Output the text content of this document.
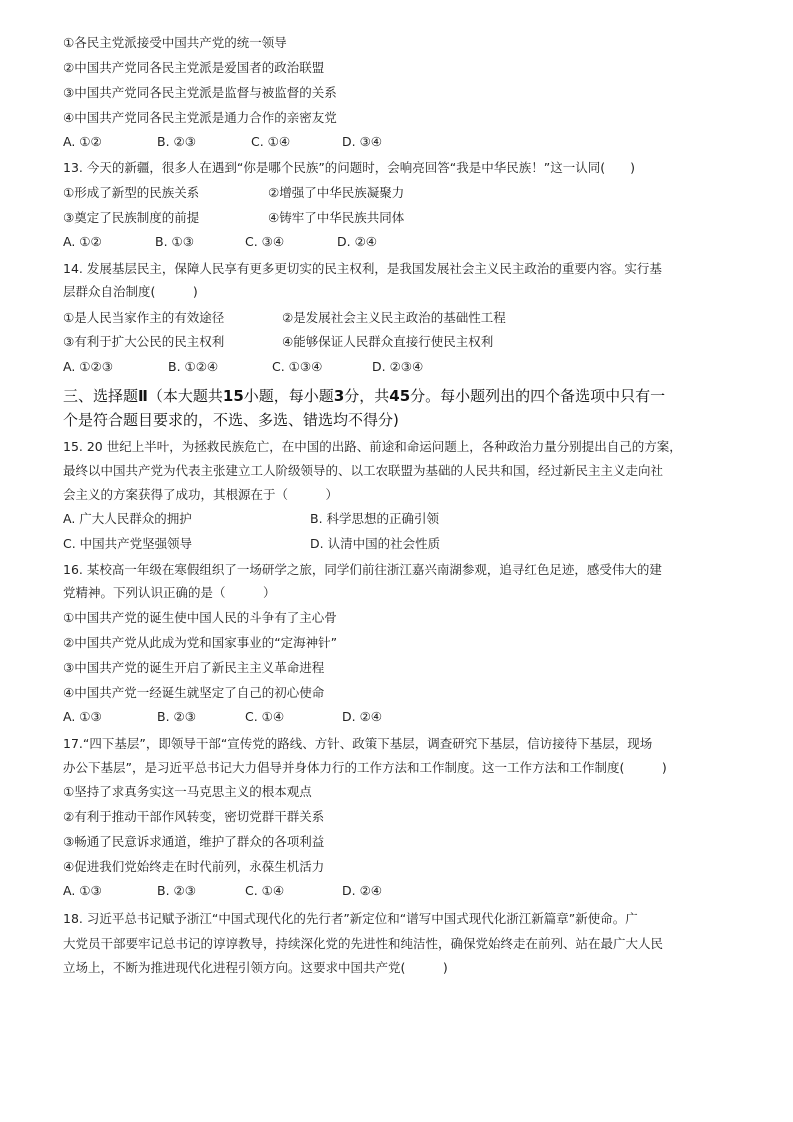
①各民主党派接受中国共产党的统一领导
②中国共产党同各民主党派是爱国者的政治联盟
③中国共产党同各民主党派是监督与被监督的关系
④中国共产党同各民主党派是通力合作的亲密友党
A. ①②	B. ②③	C. ①④	D. ③④
13. 今天的新疆，很多人在遇到“你是哪个民族”的问题时，会响亮回答“我是中华民族！”这一认同(　　)
①形成了新型的民族关系	②增强了中华民族凝聚力
③奠定了民族制度的前提	④铸牢了中华民族共同体
A. ①②	B. ①③	C. ③④	D. ②④
14. 发展基层民主，保障人民享有更多更切实的民主权利，是我国发展社会主义民主政治的重要内容。实行基
层群众自治制度(　　　)
①是人民当家作主的有效途径	②是发展社会主义民主政治的基础性工程
③有利于扩大公民的民主权利	④能够保证人民群众直接行使民主权利
A. ①②③	B. ①②④	C. ①③④	D. ②③④
三、选择题Ⅱ（本大题共15小题，每小题3分，共45分。每小题列出的四个备选项中只有一
个是符合题目要求的，不选、多选、错选均不得分)
15. 20 世纪上半叶，为拯救民族危亡，在中国的出路、前途和命运问题上，各种政治力量分别提出自己的方案，
最终以中国共产党为代表主张建立工人阶级领导的、以工农联盟为基础的人民共和国，经过新民主主义走向社
会主义的方案获得了成功，其根源在于（　　　）
A. 广大人民群众的拥护	B. 科学思想的正确引领
C. 中国共产党坚强领导	D. 认清中国的社会性质
16. 某校高一年级在寒假组织了一场研学之旅，同学们前往浙江嘉兴南湖参观，追寻红色足迹，感受伟大的建
党精神。下列认识正确的是（　　　）
①中国共产党的诞生使中国人民的斗争有了主心骨
②中国共产党从此成为党和国家事业的“定海神针”
③中国共产党的诞生开启了新民主主义革命进程
④中国共产党一经诞生就坚定了自己的初心使命
A. ①③	B. ②③	C. ①④	D. ②④
17.“四下基层”，即领导干部“宣传党的路线、方针、政策下基层，调查研究下基层，信访接待下基层，现场
办公下基层”，是习近平总书记大力倡导并身体力行的工作方法和工作制度。这一工作方法和工作制度(　　　)
①坚持了求真务实这一马克思主义的根本观点
②有利于推动干部作风转变，密切党群干群关系
③畅通了民意诉求通道，维护了群众的各项利益
④促进我们党始终走在时代前列，永葆生机活力
A. ①③	B. ②③	C. ①④	D. ②④
18. 习近平总书记赋予浙江“中国式现代化的先行者”新定位和“谱写中国式现代化浙江新篇章”新使命。广
大党员干部要牢记总书记的谆谆教导，持续深化党的先进性和纯洁性，确保党始终走在前列、站在最广大人民
立场上，不断为推进现代化进程引领方向。这要求中国共产党(　　　)
